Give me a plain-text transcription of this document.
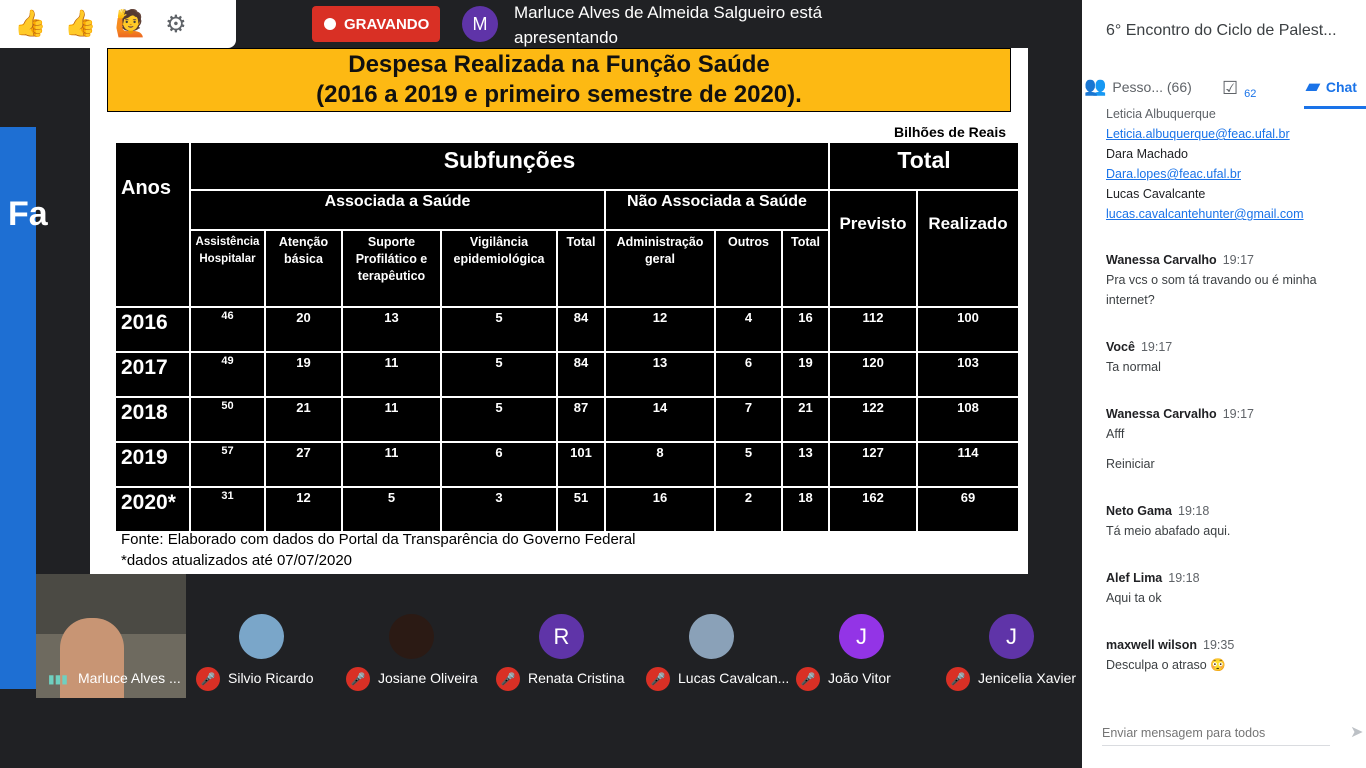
👍 👍 🙋 ⚙	GRAVANDO	M
Marluce Alves de Almeida Salgueiro está apresentando
Fa
Despesa Realizada na Função Saúde
(2016 a 2019 e primeiro semestre de 2020).
Bilhões de Reais
Anos	Subfunções								Total	
	Associada a Saúde					Não Associada a Saúde			Previsto	Realizado
	Assistência Hospitalar	Atenção básica	Suporte Profilático e terapêutico	Vigilância epidemiológica	Total	Administração geral	Outros	Total		
2016	46	20	13	5	84	12	4	16	112	100
2017	49	19	11	5	84	13	6	19	120	103
2018	50	21	11	5	87	14	7	21	122	108
2019	57	27	11	6	101	8	5	13	127	114
2020*	31	12	5	3	51	16	2	18	162	69
Fonte: Elaborado com dados do Portal da Transparência do Governo Federal
*dados atualizados até 07/07/2020
▮▮▮ Marluce Alves ...	🎤 Silvio Ricardo	🎤 Josiane Oliveira
R
🎤 Renata Cristina	🎤 Lucas Cavalcan...
J
🎤 João Vitor
J
🎤 Jenicelia Xavier
6° Encontro do Ciclo de Palest...
👥 Pesso... (66) ☑ 62	▰ Chat
Leticia Albuquerque
Leticia.albuquerque@feac.ufal.br
Dara Machado
Dara.lopes@feac.ufal.br
Lucas Cavalcante
lucas.cavalcantehunter@gmail.com
Wanessa Carvalho 19:17
Pra vcs o som tá travando ou é minha internet?
Você 19:17
Ta normal
Wanessa Carvalho 19:17
Afff
Reiniciar
Neto Gama 19:18
Tá meio abafado aqui.
Alef Lima 19:18
Aqui ta ok
maxwell wilson 19:35
Desculpa o atraso 😳
Enviar mensagem para todos
➤
